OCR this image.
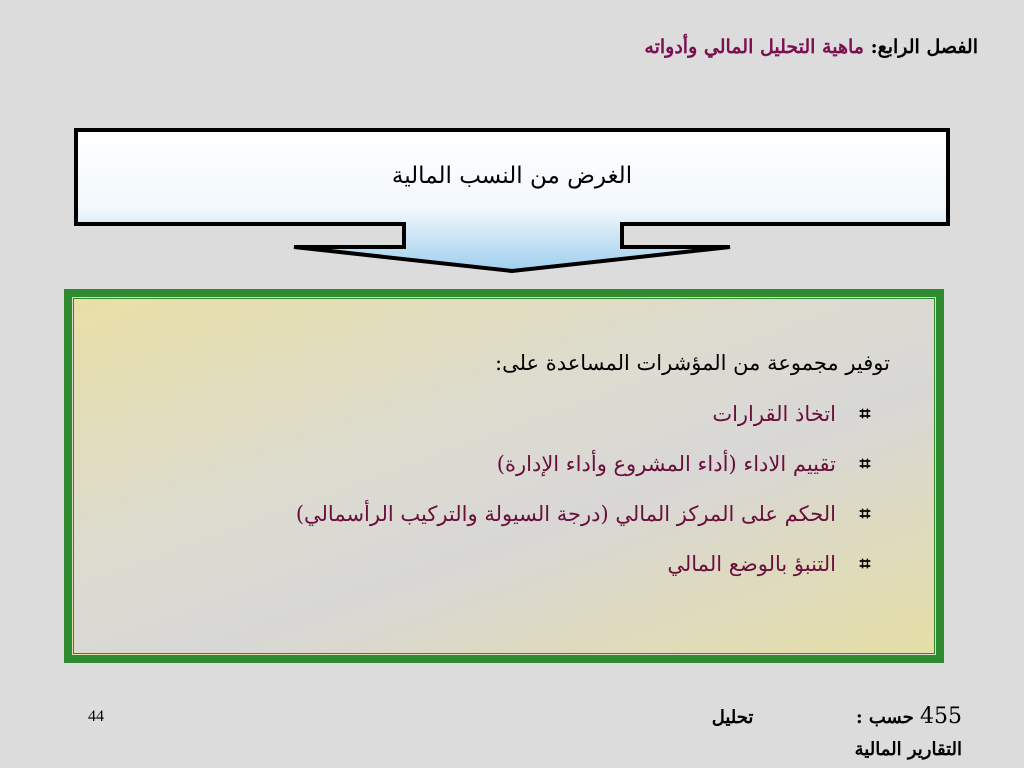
الفصل الرابع: ماهية التحليل المالي وأدواته
الغرض من النسب المالية

توفير مجموعة من المؤشرات المساعدة على:

⌗
اتخاذ القرارات
⌗
تقييم الاداء (أداء المشروع وأداء الإدارة)
⌗
الحكم على المركز المالي (درجة السيولة والتركيب الرأسمالي)
⌗
التنبؤ بالوضع المالي
44	455 حسب :  تحليل
التقارير المالية
